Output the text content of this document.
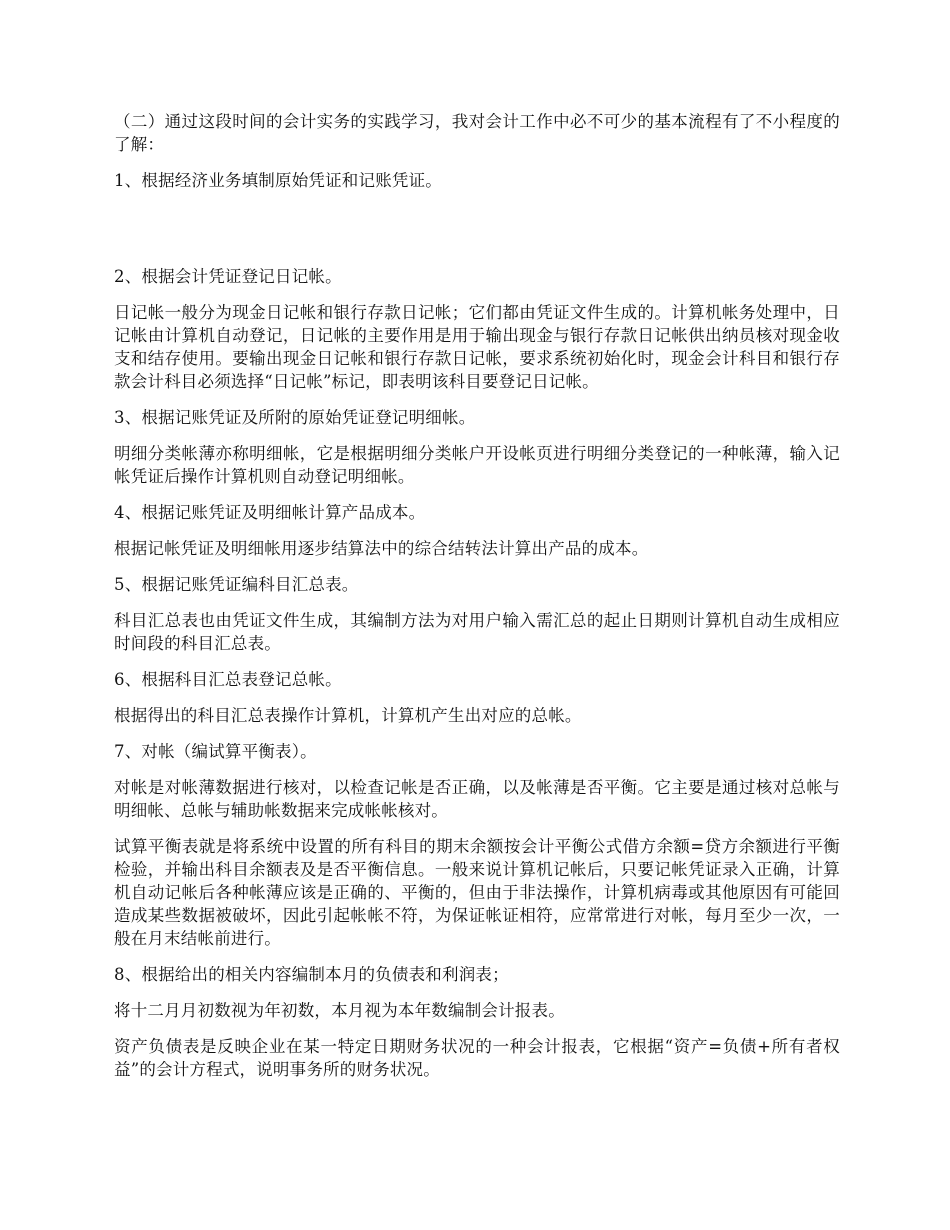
（二）通过这段时间的会计实务的实践学习，我对会计工作中必不可少的基本流程有了不小程度的了解：

1、根据经济业务填制原始凭证和记账凭证。

2、根据会计凭证登记日记帐。

日记帐一般分为现金日记帐和银行存款日记帐；它们都由凭证文件生成的。计算机帐务处理中，日记帐由计算机自动登记，日记帐的主要作用是用于输出现金与银行存款日记帐供出纳员核对现金收支和结存使用。要输出现金日记帐和银行存款日记帐，要求系统初始化时，现金会计科目和银行存款会计科目必须选择“日记帐”标记，即表明该科目要登记日记帐。

3、根据记账凭证及所附的原始凭证登记明细帐。

明细分类帐薄亦称明细帐，它是根据明细分类帐户开设帐页进行明细分类登记的一种帐薄，输入记帐凭证后操作计算机则自动登记明细帐。

4、根据记账凭证及明细帐计算产品成本。

根据记帐凭证及明细帐用逐步结算法中的综合结转法计算出产品的成本。

5、根据记账凭证编科目汇总表。

科目汇总表也由凭证文件生成，其编制方法为对用户输入需汇总的起止日期则计算机自动生成相应时间段的科目汇总表。

6、根据科目汇总表登记总帐。

根据得出的科目汇总表操作计算机，计算机产生出对应的总帐。

7、对帐（编试算平衡表）。

对帐是对帐薄数据进行核对，以检查记帐是否正确，以及帐薄是否平衡。它主要是通过核对总帐与明细帐、总帐与辅助帐数据来完成帐帐核对。

试算平衡表就是将系统中设置的所有科目的期末余额按会计平衡公式借方余额=贷方余额进行平衡检验，并输出科目余额表及是否平衡信息。一般来说计算机记帐后，只要记帐凭证录入正确，计算机自动记帐后各种帐薄应该是正确的、平衡的，但由于非法操作，计算机病毒或其他原因有可能回造成某些数据被破坏，因此引起帐帐不符，为保证帐证相符，应常常进行对帐，每月至少一次，一般在月末结帐前进行。

8、根据给出的相关内容编制本月的负债表和利润表；

将十二月月初数视为年初数，本月视为本年数编制会计报表。

资产负债表是反映企业在某一特定日期财务状况的一种会计报表，它根据“资产=负债+所有者权益”的会计方程式，说明事务所的财务状况。
